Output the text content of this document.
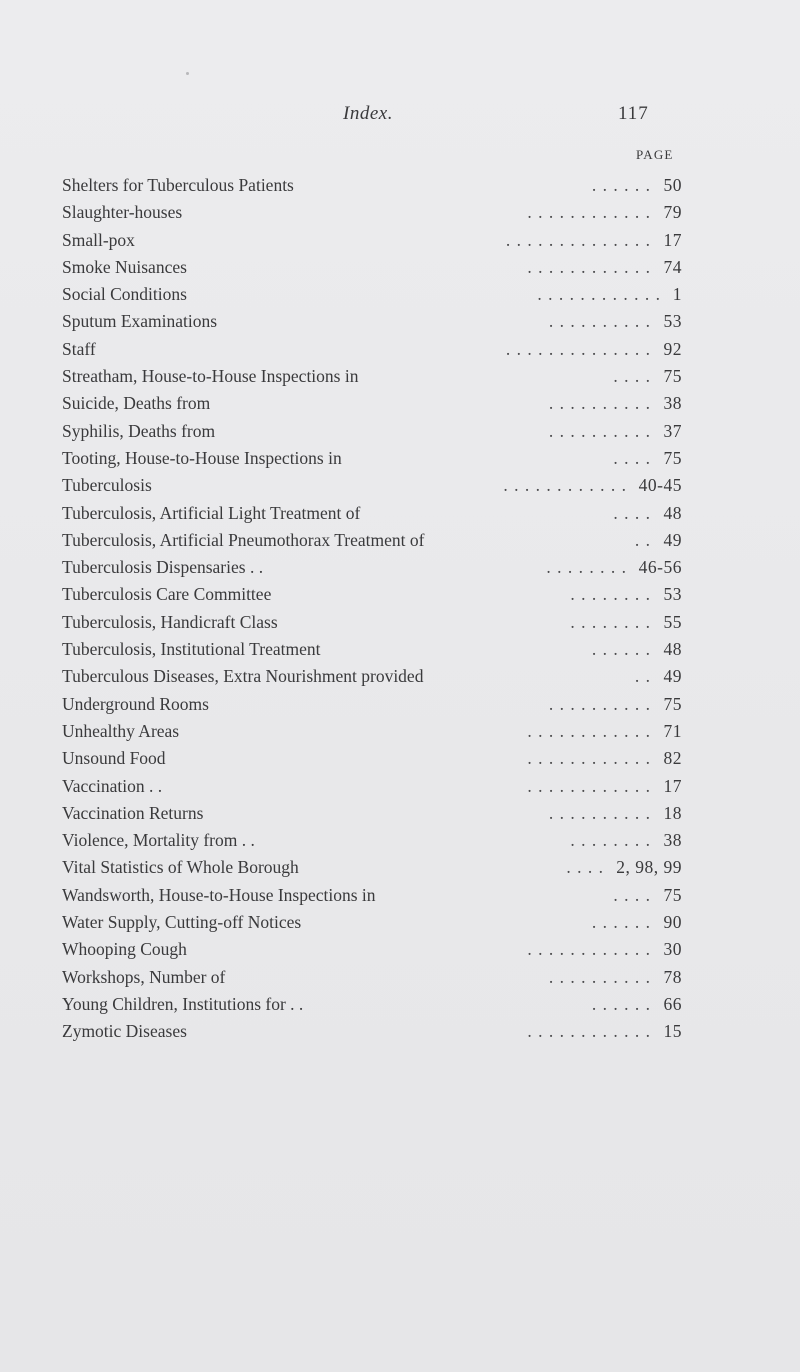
Index.	117
PAGE
Shelters for Tuberculous Patients	. . . . . . 50
Slaughter-houses	. . . . . . . . . . . . 79
Small-pox	. . . . . . . . . . . . . . 17
Smoke Nuisances	. . . . . . . . . . . . 74
Social Conditions	. . . . . . . . . . . . 1
Sputum Examinations	. . . . . . . . . . 53
Staff	. . . . . . . . . . . . . . 92
Streatham, House-to-House Inspections in	. . . . 75
Suicide, Deaths from	. . . . . . . . . . 38
Syphilis, Deaths from	. . . . . . . . . . 37
Tooting, House-to-House Inspections in	. . . . 75
Tuberculosis	. . . . . . . . . . . . 40-45
Tuberculosis, Artificial Light Treatment of	. . . . 48
Tuberculosis, Artificial Pneumothorax Treatment of	. . 49
Tuberculosis Dispensaries . .	. . . . . . . . 46-56
Tuberculosis Care Committee	. . . . . . . . 53
Tuberculosis, Handicraft Class	. . . . . . . . 55
Tuberculosis, Institutional Treatment	. . . . . . 48
Tuberculous Diseases, Extra Nourishment provided	. . 49
Underground Rooms	. . . . . . . . . . 75
Unhealthy Areas	. . . . . . . . . . . . 71
Unsound Food	. . . . . . . . . . . . 82
Vaccination . .	. . . . . . . . . . . . 17
Vaccination Returns	. . . . . . . . . . 18
Violence, Mortality from . .	. . . . . . . . 38
Vital Statistics of Whole Borough	. . . . 2, 98, 99
Wandsworth, House-to-House Inspections in	. . . . 75
Water Supply, Cutting-off Notices	. . . . . . 90
Whooping Cough	. . . . . . . . . . . . 30
Workshops, Number of	. . . . . . . . . . 78
Young Children, Institutions for . .	. . . . . . 66
Zymotic Diseases	. . . . . . . . . . . . 15
